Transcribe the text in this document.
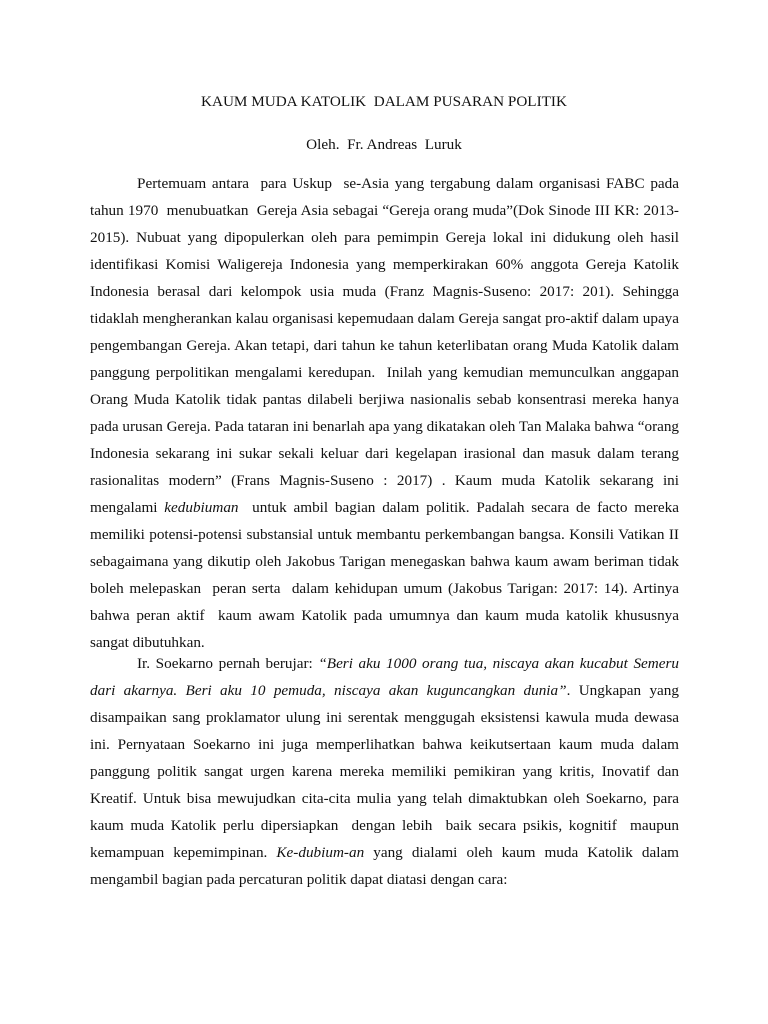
KAUM MUDA KATOLIK  DALAM PUSARAN POLITIK
Oleh.  Fr. Andreas  Luruk
Pertemuam antara  para Uskup  se-Asia yang tergabung dalam organisasi FABC pada
tahun 1970  menubuatkan  Gereja Asia sebagai “Gereja orang muda”(Dok Sinode III KR: 2013-
2015). Nubuat yang dipopulerkan oleh para pemimpin Gereja lokal ini didukung oleh hasil
identifikasi Komisi Waligereja Indonesia yang memperkirakan 60% anggota Gereja Katolik
Indonesia berasal dari kelompok usia muda (Franz Magnis-Suseno: 2017: 201). Sehingga
tidaklah mengherankan kalau organisasi kepemudaan dalam Gereja sangat pro-aktif dalam upaya
pengembangan Gereja. Akan tetapi, dari tahun ke tahun keterlibatan orang Muda Katolik dalam
panggung perpolitikan mengalami keredupan.  Inilah yang kemudian memunculkan anggapan
Orang Muda Katolik tidak pantas dilabeli berjiwa nasionalis sebab konsentrasi mereka hanya
pada urusan Gereja. Pada tataran ini benarlah apa yang dikatakan oleh Tan Malaka bahwa “orang
Indonesia sekarang ini sukar sekali keluar dari kegelapan irasional dan masuk dalam terang
rasionalitas modern” (Frans Magnis-Suseno : 2017) . Kaum muda Katolik sekarang ini
mengalami kedubiuman  untuk ambil bagian dalam politik. Padalah secara de facto mereka
memiliki potensi-potensi substansial untuk membantu perkembangan bangsa. Konsili Vatikan II
sebagaimana yang dikutip oleh Jakobus Tarigan menegaskan bahwa kaum awam beriman tidak
boleh melepaskan  peran serta  dalam kehidupan umum (Jakobus Tarigan: 2017: 14). Artinya
bahwa peran aktif  kaum awam Katolik pada umumnya dan kaum muda katolik khususnya
sangat dibutuhkan.
Ir. Soekarno pernah berujar: “Beri aku 1000 orang tua, niscaya akan kucabut Semeru
dari akarnya. Beri aku 10 pemuda, niscaya akan kuguncangkan dunia”. Ungkapan yang
disampaikan sang proklamator ulung ini serentak menggugah eksistensi kawula muda dewasa
ini. Pernyataan Soekarno ini juga memperlihatkan bahwa keikutsertaan kaum muda dalam
panggung politik sangat urgen karena mereka memiliki pemikiran yang kritis, Inovatif dan
Kreatif. Untuk bisa mewujudkan cita-cita mulia yang telah dimaktubkan oleh Soekarno, para
kaum muda Katolik perlu dipersiapkan  dengan lebih  baik secara psikis, kognitif  maupun
kemampuan kepemimpinan. Ke-dubium-an yang dialami oleh kaum muda Katolik dalam
mengambil bagian pada percaturan politik dapat diatasi dengan cara:
